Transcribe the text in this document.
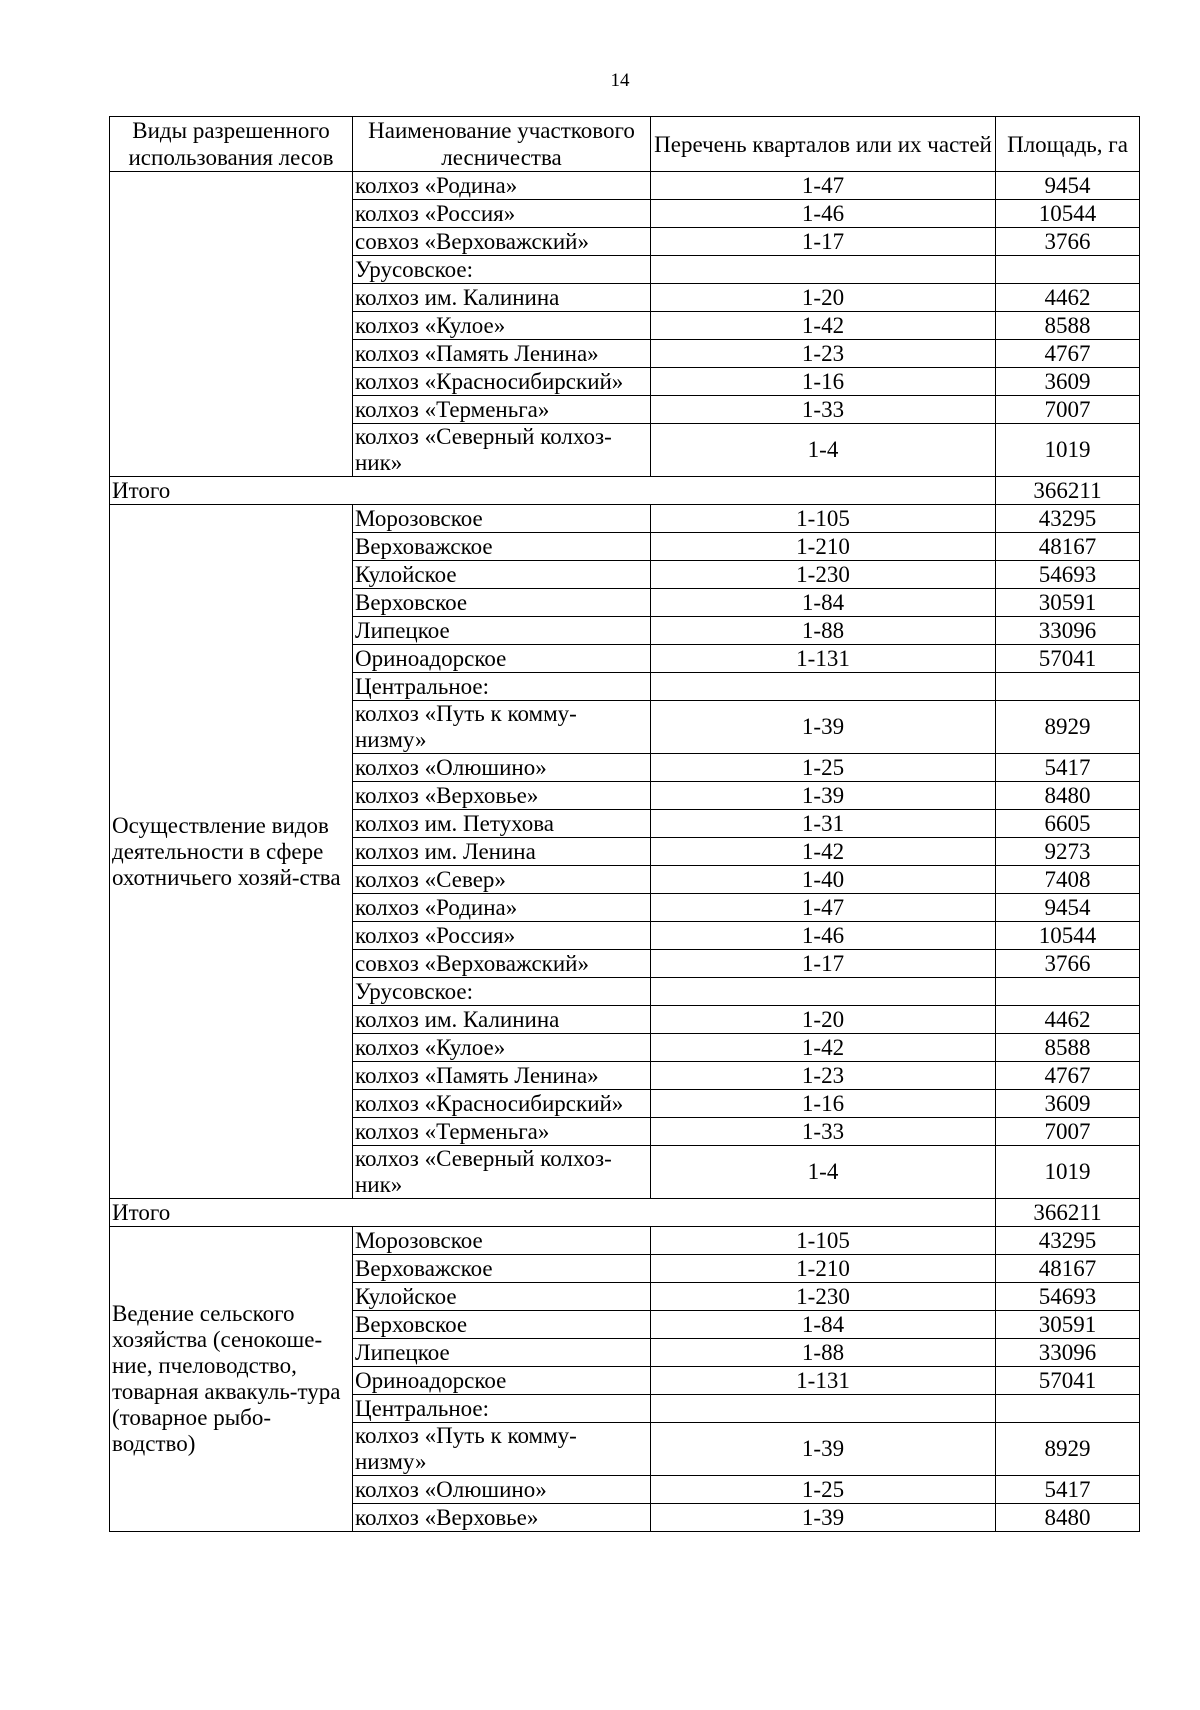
14
Виды разрешенного использования лесов	Наименование участкового лесничества	Перечень кварталов или их частей	Площадь, га
	колхоз «Родина»	1-47	9454
	колхоз «Россия»	1-46	10544
	совхоз «Верховажский»	1-17	3766
	Урусовское:		
	колхоз им. Калинина	1-20	4462
	колхоз «Кулое»	1-42	8588
	колхоз «Память Ленина»	1-23	4767
	колхоз «Красносибирский»	1-16	3609
	колхоз «Терменьга»	1-33	7007
	колхоз «Северный колхоз-ник»	1-4	1019
Итого			366211
Осуществление видов деятельности в сфере охотничьего хозяй-ства	Морозовское	1-105	43295
	Верховажское	1-210	48167
	Кулойское	1-230	54693
	Верховское	1-84	30591
	Липецкое	1-88	33096
	Ориноадорское	1-131	57041
	Центральное:		
	колхоз «Путь к комму-низму»	1-39	8929
	колхоз «Олюшино»	1-25	5417
	колхоз «Верховье»	1-39	8480
	колхоз им. Петухова	1-31	6605
	колхоз им. Ленина	1-42	9273
	колхоз «Север»	1-40	7408
	колхоз «Родина»	1-47	9454
	колхоз «Россия»	1-46	10544
	совхоз «Верховажский»	1-17	3766
	Урусовское:		
	колхоз им. Калинина	1-20	4462
	колхоз «Кулое»	1-42	8588
	колхоз «Память Ленина»	1-23	4767
	колхоз «Красносибирский»	1-16	3609
	колхоз «Терменьга»	1-33	7007
	колхоз «Северный колхоз-ник»	1-4	1019
Итого			366211
Ведение сельского хозяйства (сенокоше-ние, пчеловодство, товарная аквакуль-тура (товарное рыбо-водство)	Морозовское	1-105	43295
	Верховажское	1-210	48167
	Кулойское	1-230	54693
	Верховское	1-84	30591
	Липецкое	1-88	33096
	Ориноадорское	1-131	57041
	Центральное:		
	колхоз «Путь к комму-низму»	1-39	8929
	колхоз «Олюшино»	1-25	5417
	колхоз «Верховье»	1-39	8480
